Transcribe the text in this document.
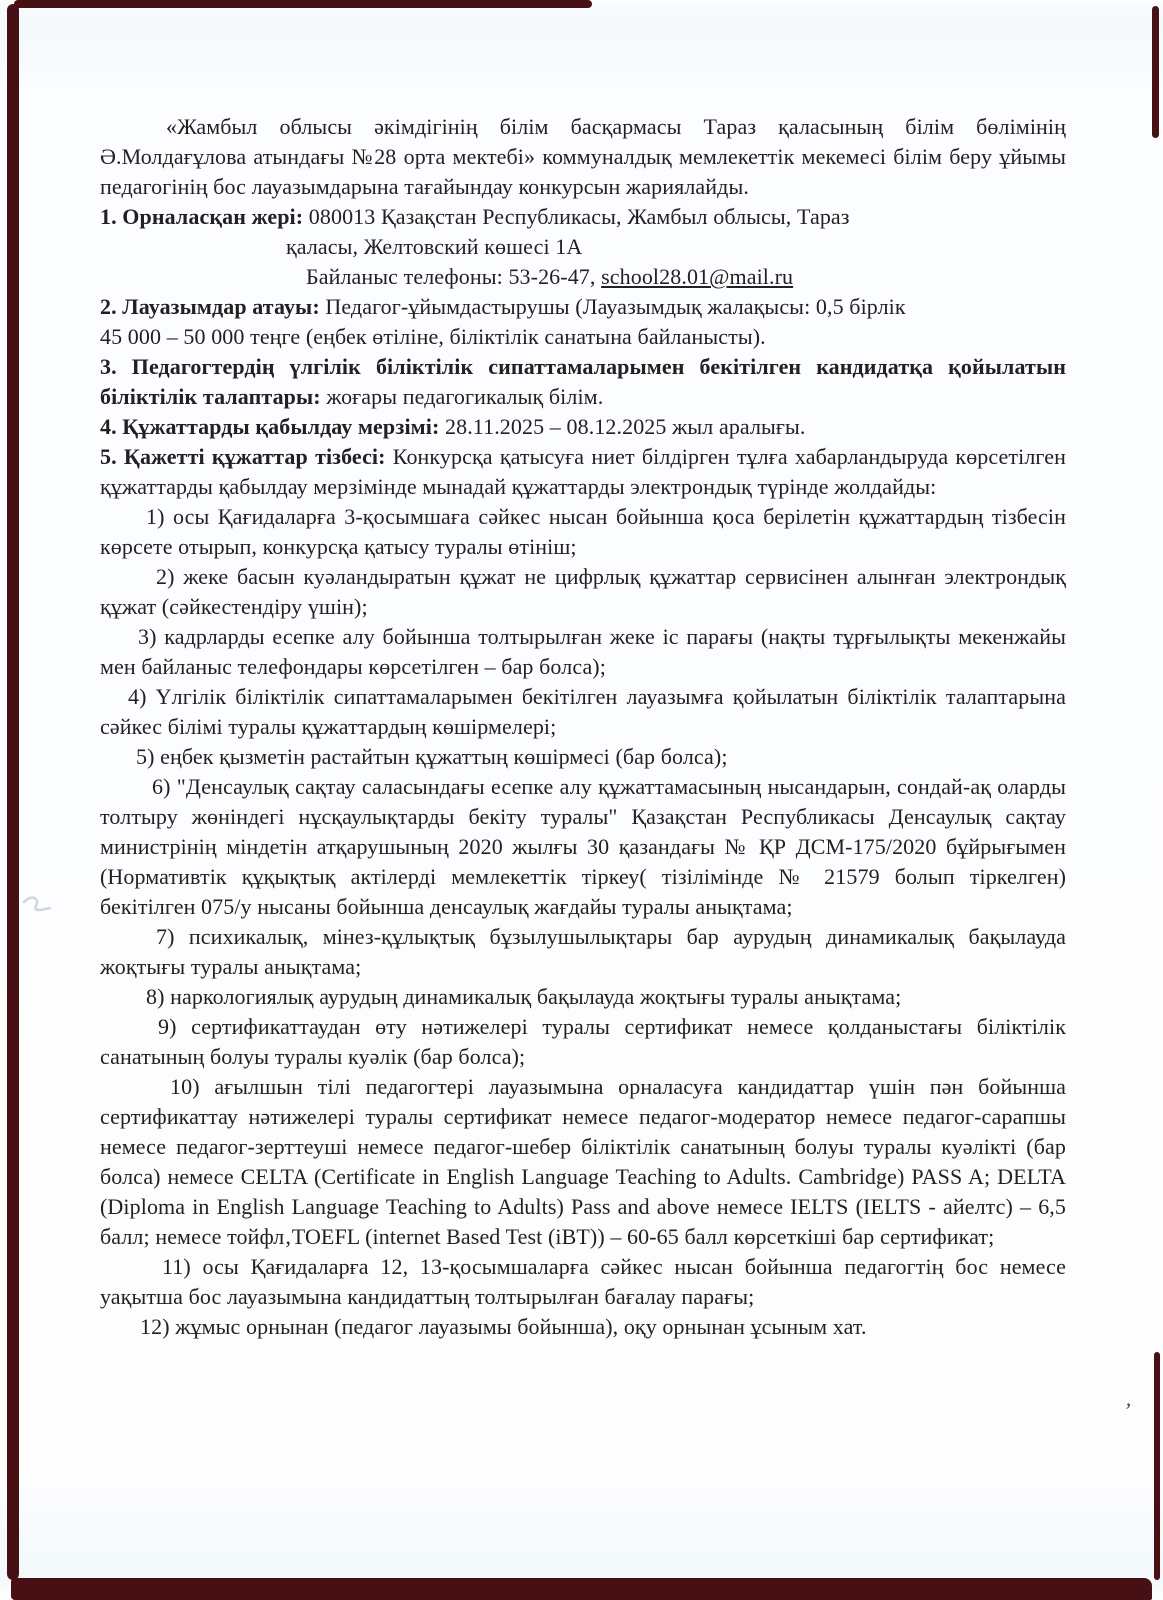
’
«Жамбыл облысы әкімдігінің білім басқармасы Тараз қаласының білім бөлімінің Ә.Молдағұлова атындағы №28 орта мектебі» коммуналдық мемлекеттік мекемесі білім беру ұйымы педагогінің бос лауазымдарына тағайындау конкурсын жариялайды.
1. Орналасқан жері: 080013 Қазақстан Республикасы, Жамбыл облысы, Тараз
қаласы, Желтовский көшесі 1А
Байланыс телефоны: 53-26-47, school28.01@mail.ru
2. Лауазымдар атауы: Педагог-ұйымдастырушы (Лауазымдық жалақысы: 0,5 бірлік
45 000 – 50 000 теңге (еңбек өтіліне, біліктілік санатына байланысты).
3. Педагогтердің үлгілік біліктілік сипаттамаларымен бекітілген кандидатқа қойылатын біліктілік талаптары: жоғары педагогикалық білім.
4. Құжаттарды қабылдау мерзімі: 28.11.2025 – 08.12.2025 жыл аралығы.
5. Қажетті құжаттар тізбесі: Конкурсқа қатысуға ниет білдірген тұлға хабарландыруда көрсетілген құжаттарды қабылдау мерзімінде мынадай құжаттарды электрондық түрінде жолдайды:
1) осы Қағидаларға 3-қосымшаға сәйкес нысан бойынша қоса берілетін құжаттардың тізбесін көрсете отырып, конкурсқа қатысу туралы өтініш;
2) жеке басын куәландыратын құжат не цифрлық құжаттар сервисінен алынған электрондық құжат (сәйкестендіру үшін);
3) кадрларды есепке алу бойынша толтырылған жеке іс парағы (нақты тұрғылықты мекенжайы мен байланыс телефондары көрсетілген – бар болса);
4) Үлгілік біліктілік сипаттамаларымен бекітілген лауазымға қойылатын біліктілік талаптарына сәйкес білімі туралы құжаттардың көшірмелері;
5) еңбек қызметін растайтын құжаттың көшірмесі (бар болса);
6) "Денсаулық сақтау саласындағы есепке алу құжаттамасының нысандарын, сондай-ақ оларды толтыру жөніндегі нұсқаулықтарды бекіту туралы" Қазақстан Республикасы Денсаулық сақтау министрінің міндетін атқарушының 2020 жылғы 30 қазандағы № ҚР ДСМ-175/2020 бұйрығымен (Нормативтік құқықтық актілерді мемлекеттік тіркеу( тізілімінде № 21579 болып тіркелген) бекітілген 075/у нысаны бойынша денсаулық жағдайы туралы анықтама;
7) психикалық, мінез-құлықтық бұзылушылықтары бар аурудың динамикалық бақылауда жоқтығы туралы анықтама;
8) наркологиялық аурудың динамикалық бақылауда жоқтығы туралы анықтама;
9) сертификаттаудан өту нәтижелері туралы сертификат немесе қолданыстағы біліктілік санатының болуы туралы куәлік (бар болса);
10) ағылшын тілі педагогтері лауазымына орналасуға кандидаттар үшін пән бойынша сертификаттау нәтижелері туралы сертификат немесе педагог-модератор немесе педагог-сарапшы немесе педагог-зерттеуші немесе педагог-шебер біліктілік санатының болуы туралы куәлікті (бар болса) немесе CELTA (Certificate in English Language Teaching to Adults. Cambridge) PASS A; DELTA (Diploma in English Language Teaching to Adults) Pass and above немесе IELTS (IELTS - айелтс) – 6,5 балл; немесе тойфл‚TOEFL (internet Based Test (iBT)) – 60-65 балл көрсеткіші бар сертификат;
11) осы Қағидаларға 12, 13-қосымшаларға сәйкес нысан бойынша педагогтің бос немесе уақытша бос лауазымына кандидаттың толтырылған бағалау парағы;
12) жұмыс орнынан (педагог лауазымы бойынша), оқу орнынан ұсыным хат.
